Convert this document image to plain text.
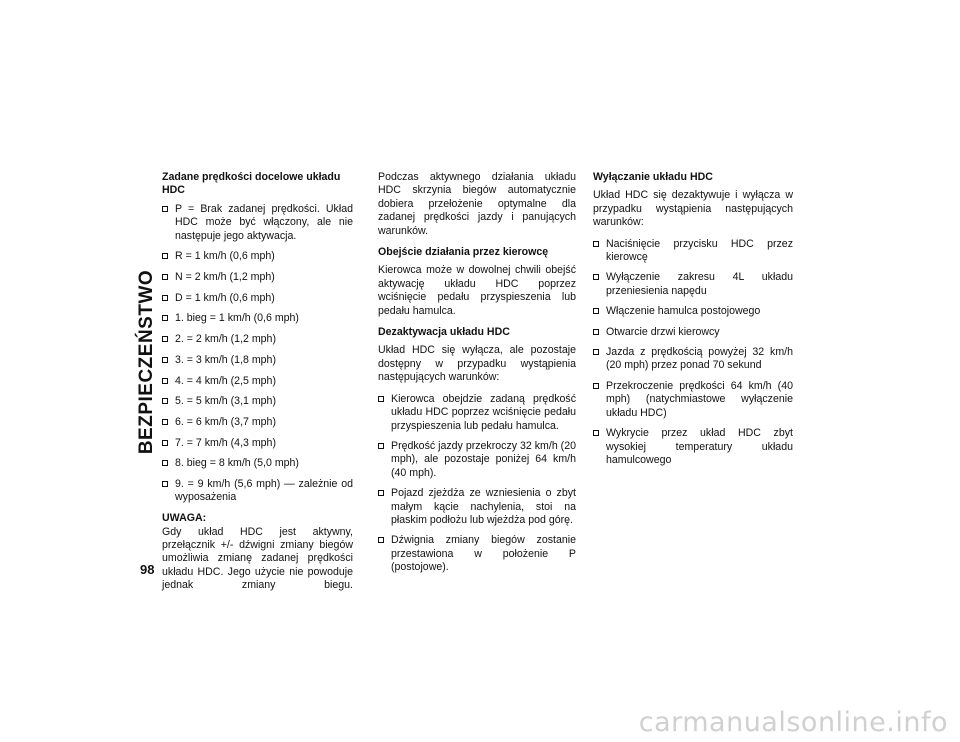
BEZPIECZEŃSTWO
98

Zadane prędkości docelowe układu HDC

P = Brak zadanej prędkości. Układ HDC może być włączony, ale nie następuje jego aktywacja.
R = 1 km/h (0,6 mph)
N = 2 km/h (1,2 mph)
D = 1 km/h (0,6 mph)
1. bieg = 1 km/h (0,6 mph)
2. = 2 km/h (1,2 mph)
3. = 3 km/h (1,8 mph)
4. = 4 km/h (2,5 mph)
5. = 5 km/h (3,1 mph)
6. = 6 km/h (3,7 mph)
7. = 7 km/h (4,3 mph)
8. bieg = 8 km/h (5,0 mph)
9. = 9 km/h (5,6 mph) — zależnie od wyposażenia

UWAGA:

Gdy układ HDC jest aktywny, przełącznik +/- dźwigni zmiany biegów umożliwia zmianę zadanej prędkości układu HDC. Jego użycie nie powoduje jednak zmiany biegu.

Podczas aktywnego działania układu HDC skrzynia biegów automatycznie dobiera przełożenie optymalne dla zadanej prędkości jazdy i panujących warunków.

Obejście działania przez kierowcę

Kierowca może w dowolnej chwili obejść aktywację układu HDC poprzez wciśnięcie pedału przyspieszenia lub pedału hamulca.

Dezaktywacja układu HDC

Układ HDC się wyłącza, ale pozostaje dostępny w przypadku wystąpienia następujących warunków:

Kierowca obejdzie zadaną prędkość układu HDC poprzez wciśnięcie pedału przyspieszenia lub pedału hamulca.
Prędkość jazdy przekroczy 32 km/h (20 mph), ale pozostaje poniżej 64 km/h (40 mph).
Pojazd zjeżdża ze wzniesienia o zbyt małym kącie nachylenia, stoi na płaskim podłożu lub wjeżdża pod górę.
Dźwignia zmiany biegów zostanie przestawiona w położenie P (postojowe).

Wyłączanie układu HDC

Układ HDC się dezaktywuje i wyłącza w przypadku wystąpienia następujących warunków:

Naciśnięcie przycisku HDC przez kierowcę
Wyłączenie zakresu 4L układu przeniesienia napędu
Włączenie hamulca postojowego
Otwarcie drzwi kierowcy
Jazda z prędkością powyżej 32 km/h (20 mph) przez ponad 70 sekund
Przekroczenie prędkości 64 km/h (40 mph) (natychmiastowe wyłączenie układu HDC)
Wykrycie przez układ HDC zbyt wysokiej temperatury układu hamulcowego
carmanualsonline.info
